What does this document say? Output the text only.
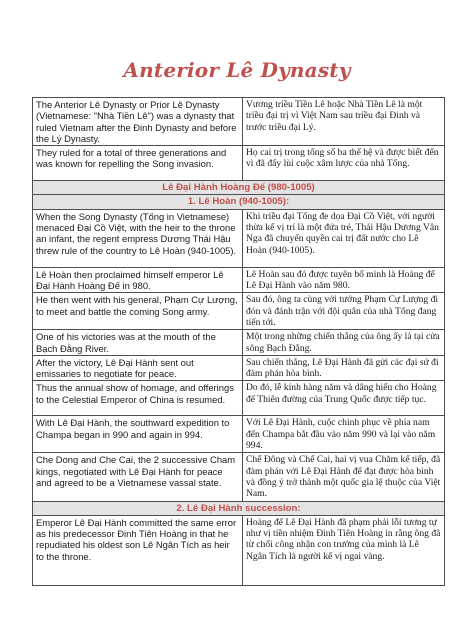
Anterior Lê Dynasty
The Anterior Lê Dynasty or Prior Lê Dynasty (Vietnamese: "Nhà Tiền Lê") was a dynasty that ruled Vietnam after the Đinh Dynasty and before the Lý Dynasty.	Vương triều Tiền Lê hoặc Nhà Tiền Lê là một triều đại trị vì Việt Nam sau triều đại Đinh và trước triều đại Lý.
They ruled for a total of three generations and was known for repelling the Song invasion.	Họ cai trị trong tổng số ba thế hệ và được biết đến vì đã đẩy lùi cuộc xâm lược của nhà Tống.
Lê Đại Hành Hoàng Đế (980-1005)	
1. Lê Hoàn (940-1005):	
When the Song Dynasty (Tống in Vietnamese) menaced Đại Cồ Việt, with the heir to the throne an infant, the regent empress Dương Thái Hậu threw rule of the country to Lê Hoàn (940-1005).	Khi triều đại Tống đe dọa Đại Cồ Việt, với người thừa kế vị trí là một đứa trẻ, Thái Hậu Dương Vân Nga đã chuyển quyền cai trị đất nước cho Lê Hoàn (940-1005).
Lê Hoàn then proclaimed himself emperor Lê Đại Hành Hoàng Đế in 980.	Lê Hoàn sau đó được tuyên bố mình là Hoàng đế Lê Đại Hành vào năm 980.
He then went with his general, Phạm Cự Lượng, to meet and battle the coming Song army.	Sau đó, ông ta cùng với tướng Phạm Cự Lượng đi đón và đánh trận với đội quân của nhà Tống đang tiến tới.
One of his victories was at the mouth of the Bạch Đằng River.	Một trong những chiến thắng của ông ấy là tại cửa sông Bạch Đằng.
After the victory, Lê Đại Hành sent out emissaries to negotiate for peace.	Sau chiến thắng, Lê Đại Hành đã gửi các đại sứ đi đàm phán hòa bình.
Thus the annual show of homage, and offerings to the Celestial Emperor of China is resumed.	Do đó, lễ kính hàng năm và dâng hiến cho Hoàng đế Thiên đường của Trung Quốc được tiếp tục.
With Lê Đại Hành, the southward expedition to Champa began in 990 and again in 994.	Với Lê Đại Hành, cuộc chinh phục về phía nam đến Champa bắt đầu vào năm 990 và lại vào năm 994.
Che Dong and Che Cai, the 2 successive Cham kings, negotiated with Lê Đại Hành for peace and agreed to be a Vietnamese vassal state.	Chế Đông và Chế Cai, hai vị vua Chăm kế tiếp, đã đàm phán với Lê Đại Hành để đạt được hòa bình và đồng ý trở thành một quốc gia lệ thuộc của Việt Nam.
2. Lê Đại Hành succession:	
Emperor Lê Đại Hành committed the same error as his predecessor Đinh Tiên Hoàng in that he repudiated his oldest son Lê Ngân Tích as heir to the throne.	Hoàng đế Lê Đại Hành đã phạm phải lỗi tương tự như vị tiền nhiệm Đinh Tiên Hoàng in rằng ông đã từ chối công nhận con trưởng của mình là Lê Ngân Tích là người kế vị ngai vàng.
